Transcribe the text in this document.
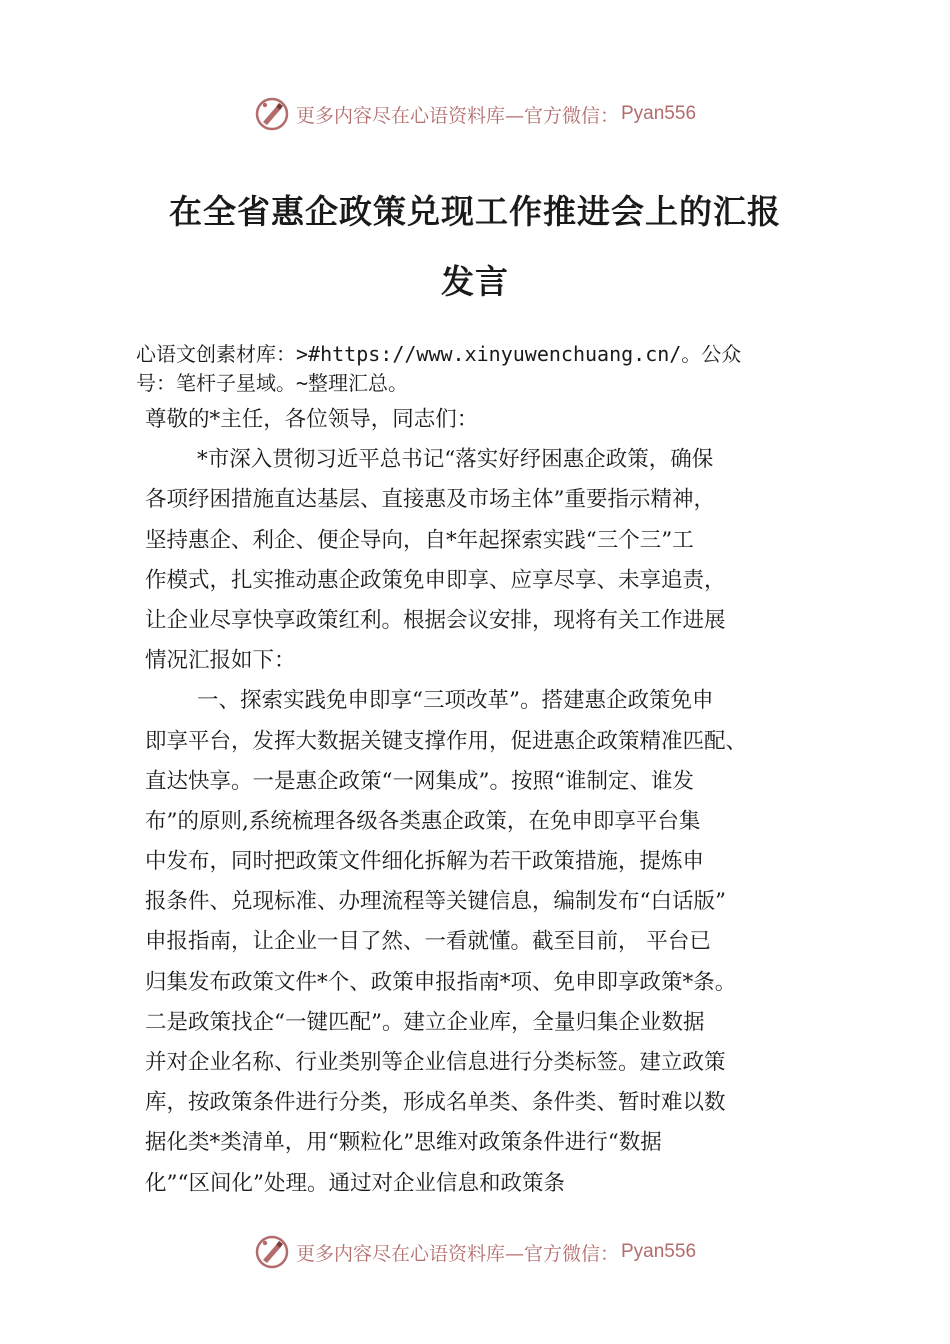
更多内容尽在心语资料库—官方微信： Pyan556
在全省惠企政策兑现工作推进会上的汇报
发言
心语文创素材库：>#https://www.xinyuwenchuang.cn/。公众
号：笔杆子星域。~整理汇总。
尊敬的*主任，各位领导，同志们：
*市深入贯彻习近平总书记“落实好纾困惠企政策，确保
各项纾困措施直达基层、直接惠及市场主体”重要指示精神，
坚持惠企、利企、便企导向，自*年起探索实践“三个三”工
作模式，扎实推动惠企政策免申即享、应享尽享、未享追责，
让企业尽享快享政策红利。根据会议安排，现将有关工作进展
情况汇报如下：
一、探索实践免申即享“三项改革”。搭建惠企政策免申
即享平台，发挥大数据关键支撑作用，促进惠企政策精准匹配、
直达快享。一是惠企政策“一网集成”。按照“谁制定、谁发
布”的原则,系统梳理各级各类惠企政策，在免申即享平台集
中发布，同时把政策文件细化拆解为若干政策措施，提炼申
报条件、兑现标准、办理流程等关键信息，编制发布“白话版”
申报指南，让企业一目了然、一看就懂。截至目前， 平台已
归集发布政策文件*个、政策申报指南*项、免申即享政策*条。
二是政策找企“一键匹配”。建立企业库，全量归集企业数据
并对企业名称、行业类别等企业信息进行分类标签。建立政策
库，按政策条件进行分类，形成名单类、条件类、暂时难以数
据化类*类清单，用“颗粒化”思维对政策条件进行“数据
化”“区间化”处理。通过对企业信息和政策条
更多内容尽在心语资料库—官方微信： Pyan556
